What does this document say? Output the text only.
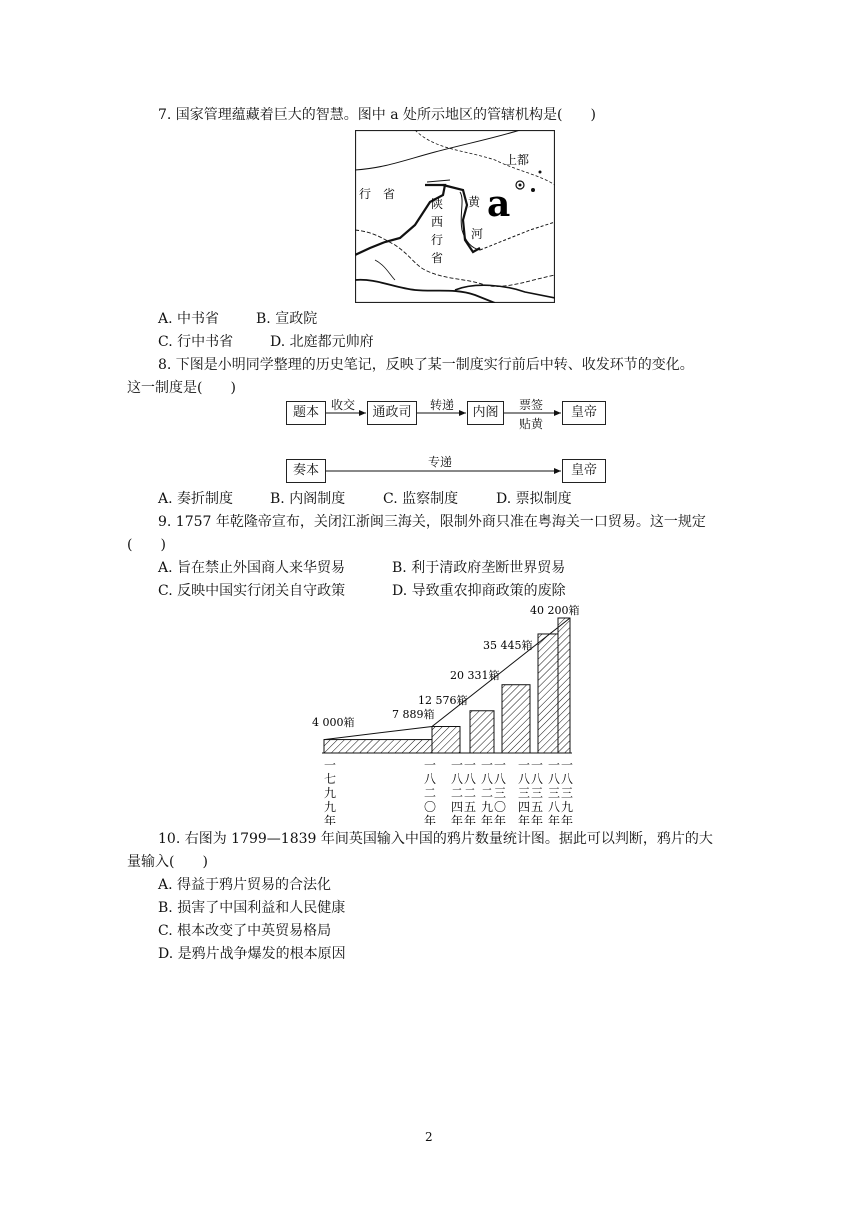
7. 国家管理蕴藏着巨大的智慧。图中 a 处所示地区的管辖机构是(　　)
上都
行　省
陕
西
行
省
黄
河
a
A. 中书省	B. 宣政院
C. 行中书省	D. 北庭都元帅府
8. 下图是小明同学整理的历史笔记，反映了某一制度实行前后中转、收发环节的变化。
这一制度是(　　)
题本	收交	通政司	转递	内阁	票签
贴黄
皇帝
奏本
专递
皇帝
A. 奏折制度	B. 内阁制度	C. 监察制度	D. 票拟制度
9. 1757 年乾隆帝宣布，关闭江浙闽三海关，限制外商只准在粤海关一口贸易。这一规定
(　　)
A. 旨在禁止外国商人来华贸易	B. 利于清政府垄断世界贸易
C. 反映中国实行闭关自守政策	D. 导致重农抑商政策的废除
4 000箱
7 889箱
12 576箱
20 331箱
35 445箱
40 200箱
一
七
九
九
年
一
八
二
〇
年
一
八
二
四
年
一
八
二
五
年
一
八
二
九
年
一
八
三
〇
年
一
八
三
四
年
一
八
三
五
年
一
八
三
八
年
一
八
三
九
年
10. 右图为 1799—1839 年间英国输入中国的鸦片数量统计图。据此可以判断，鸦片的大
量输入(　　)
A. 得益于鸦片贸易的合法化
B. 损害了中国利益和人民健康
C. 根本改变了中英贸易格局
D. 是鸦片战争爆发的根本原因
2
